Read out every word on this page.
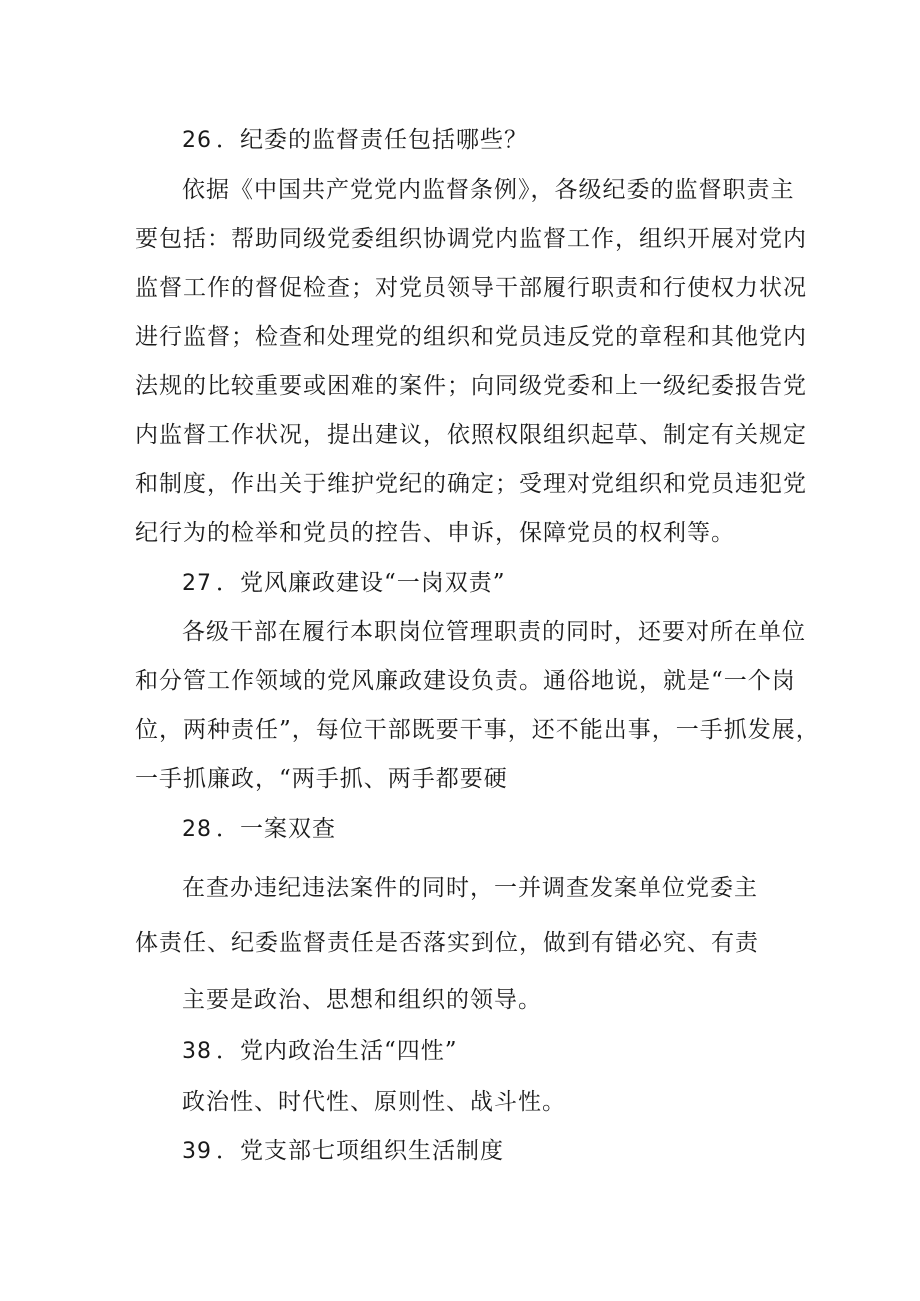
26 ．纪委的监督责任包括哪些？
依据《中国共产党党内监督条例》，各级纪委的监督职责主
要包括：帮助同级党委组织协调党内监督工作，组织开展对党内
监督工作的督促检查；对党员领导干部履行职责和行使权力状况
进行监督；检查和处理党的组织和党员违反党的章程和其他党内
法规的比较重要或困难的案件；向同级党委和上一级纪委报告党
内监督工作状况，提出建议，依照权限组织起草、制定有关规定
和制度，作出关于维护党纪的确定；受理对党组织和党员违犯党
纪行为的检举和党员的控告、申诉，保障党员的权利等。
27 ．党风廉政建设“一岗双责”
各级干部在履行本职岗位管理职责的同时，还要对所在单位
和分管工作领域的党风廉政建设负责。通俗地说，就是“一个岗
位，两种责任”，每位干部既要干事，还不能出事，一手抓发展，
一手抓廉政，“两手抓、两手都要硬
28 ．一案双查
在查办违纪违法案件的同时，一并调查发案单位党委主
体责任、纪委监督责任是否落实到位，做到有错必究、有责
主要是政治、思想和组织的领导。
38 ．党内政治生活“四性”
政治性、时代性、原则性、战斗性。
39 ．党支部七项组织生活制度
